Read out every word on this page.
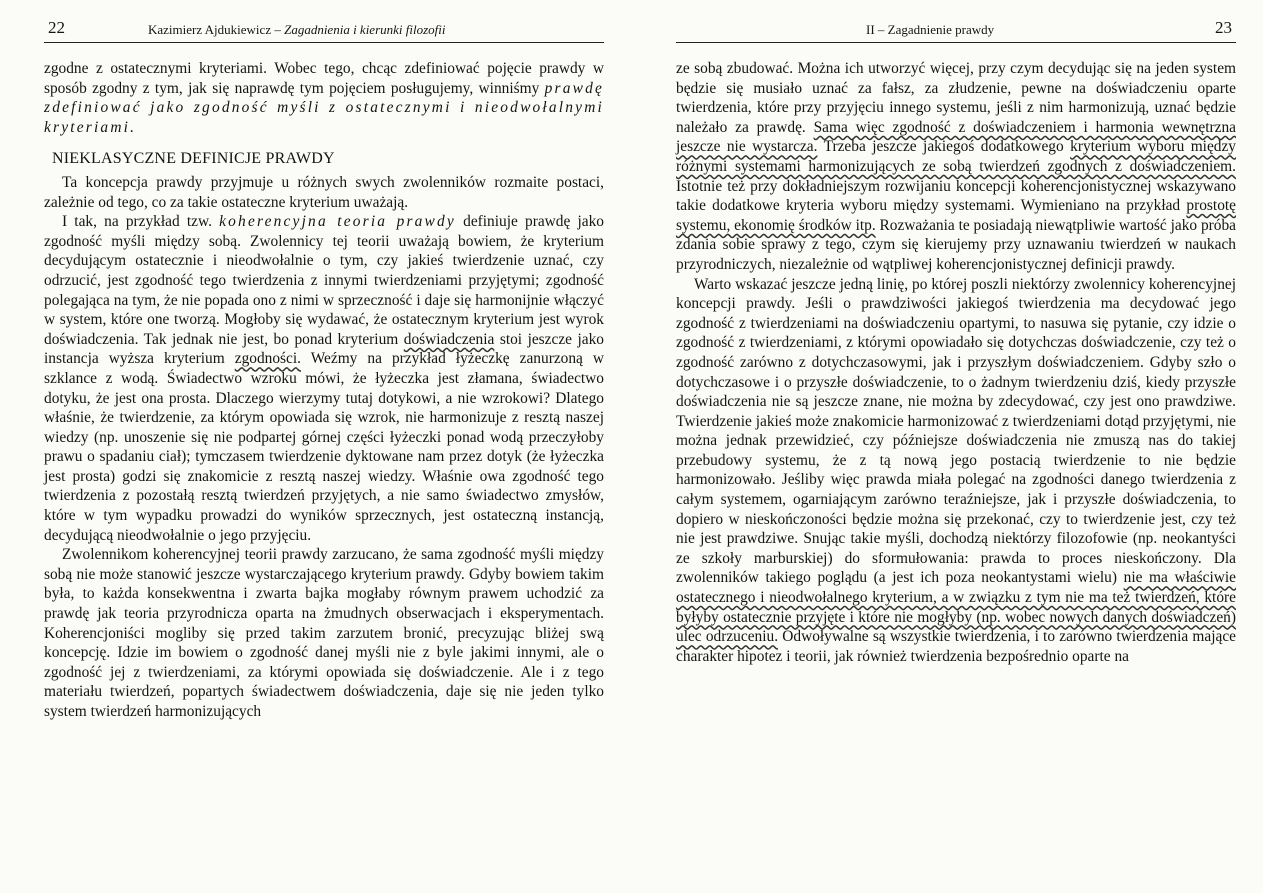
22	Kazimierz Ajdukiewicz – Zagadnienia i kierunki filozofii

zgodne z ostatecznymi kryteriami. Wobec tego, chcąc zdefiniować pojęcie prawdy w sposób zgodny z tym, jak się naprawdę tym pojęciem posługujemy, winniśmy prawdę zdefiniować jako zgodność myśli z ostatecznymi i nieodwołalnymi kryteriami.

NIEKLASYCZNE DEFINICJE PRAWDY

Ta koncepcja prawdy przyjmuje u różnych swych zwolenników rozmaite postaci, zależnie od tego, co za takie ostateczne kryterium uważają.

I tak, na przykład tzw. koherencyjna teoria prawdy definiuje prawdę jako zgodność myśli między sobą. Zwolennicy tej teorii uważają bowiem, że kryterium decydującym ostatecznie i nieodwołalnie o tym, czy jakieś twierdzenie uznać, czy odrzucić, jest zgodność tego twierdzenia z innymi twierdzeniami przyjętymi; zgodność polegająca na tym, że nie popada ono z nimi w sprzeczność i daje się harmonijnie włączyć w system, które one tworzą. Mogłoby się wydawać, że ostatecznym kryterium jest wyrok doświadczenia. Tak jednak nie jest, bo ponad kryterium doświadczenia stoi jeszcze jako instancja wyższa kryterium zgodności. Weźmy na przykład łyżeczkę zanurzoną w szklance z wodą. Świadectwo wzroku mówi, że łyżeczka jest złamana, świadectwo dotyku, że jest ona prosta. Dlaczego wierzymy tutaj dotykowi, a nie wzrokowi? Dlatego właśnie, że twierdzenie, za którym opowiada się wzrok, nie harmonizuje z resztą naszej wiedzy (np. unoszenie się nie podpartej górnej części łyżeczki ponad wodą przeczyłoby prawu o spadaniu ciał); tymczasem twierdzenie dyktowane nam przez dotyk (że łyżeczka jest prosta) godzi się znakomicie z resztą naszej wiedzy. Właśnie owa zgodność tego twierdzenia z pozostałą resztą twierdzeń przyjętych, a nie samo świadectwo zmysłów, które w tym wypadku prowadzi do wyników sprzecznych, jest ostateczną instancją, decydującą nieodwołalnie o jego przyjęciu.

Zwolennikom koherencyjnej teorii prawdy zarzucano, że sama zgodność myśli między sobą nie może stanowić jeszcze wystarczającego kryterium prawdy. Gdyby bowiem takim była, to każda konsekwentna i zwarta bajka mogłaby równym prawem uchodzić za prawdę jak teoria przyrodnicza oparta na żmudnych obserwacjach i eksperymentach. Koherencjoniści mogliby się przed takim zarzutem bronić, precyzując bliżej swą koncepcję. Idzie im bowiem o zgodność danej myśli nie z byle jakimi innymi, ale o zgodność jej z twierdzeniami, za którymi opowiada się doświadczenie. Ale i z tego materiału twierdzeń, popartych świadectwem doświadczenia, daje się nie jeden tylko system twierdzeń harmonizujących

II – Zagadnienie prawdy	23

ze sobą zbudować. Można ich utworzyć więcej, przy czym decydując się na jeden system będzie się musiało uznać za fałsz, za złudzenie, pewne na doświadczeniu oparte twierdzenia, które przy przyjęciu innego systemu, jeśli z nim harmonizują, uznać będzie należało za prawdę. Sama więc zgodność z doświadczeniem i harmonia wewnętrzna jeszcze nie wystarcza. Trzeba jeszcze jakiegoś dodatkowego kryterium wyboru między różnymi systemami harmonizujących ze sobą twierdzeń zgodnych z doświadczeniem. Istotnie też przy dokładniejszym rozwijaniu koncepcji koherencjonistycznej wskazywano takie dodatkowe kryteria wyboru między systemami. Wymieniano na przykład prostotę systemu, ekonomię środków itp. Rozważania te posiadają niewątpliwie wartość jako próba zdania sobie sprawy z tego, czym się kierujemy przy uznawaniu twierdzeń w naukach przyrodniczych, niezależnie od wątpliwej koherencjonistycznej definicji prawdy.

Warto wskazać jeszcze jedną linię, po której poszli niektórzy zwolennicy koherencyjnej koncepcji prawdy. Jeśli o prawdziwości jakiegoś twierdzenia ma decydować jego zgodność z twierdzeniami na doświadczeniu opartymi, to nasuwa się pytanie, czy idzie o zgodność z twierdzeniami, z którymi opowiadało się dotychczas doświadczenie, czy też o zgodność zarówno z dotychczasowymi, jak i przyszłym doświadczeniem. Gdyby szło o dotychczasowe i o przyszłe doświadczenie, to o żadnym twierdzeniu dziś, kiedy przyszłe doświadczenia nie są jeszcze znane, nie można by zdecydować, czy jest ono prawdziwe. Twierdzenie jakieś może znakomicie harmonizować z twierdzeniami dotąd przyjętymi, nie można jednak przewidzieć, czy późniejsze doświadczenia nie zmuszą nas do takiej przebudowy systemu, że z tą nową jego postacią twierdzenie to nie będzie harmonizowało. Jeśliby więc prawda miała polegać na zgodności danego twierdzenia z całym systemem, ogarniającym zarówno teraźniejsze, jak i przyszłe doświadczenia, to dopiero w nieskończoności będzie można się przekonać, czy to twierdzenie jest, czy też nie jest prawdziwe. Snując takie myśli, dochodzą niektórzy filozofowie (np. neokantyści ze szkoły marburskiej) do sformułowania: prawda to proces nieskończony. Dla zwolenników takiego poglądu (a jest ich poza neokantystami wielu) nie ma właściwie ostatecznego i nieodwołalnego kryterium, a w związku z tym nie ma też twierdzeń, które byłyby ostatecznie przyjęte i które nie mogłyby (np. wobec nowych danych doświadczeń) ulec odrzuceniu. Odwoływalne są wszystkie twierdzenia, i to zarówno twierdzenia mające charakter hipotez i teorii, jak również twierdzenia bezpośrednio oparte na
